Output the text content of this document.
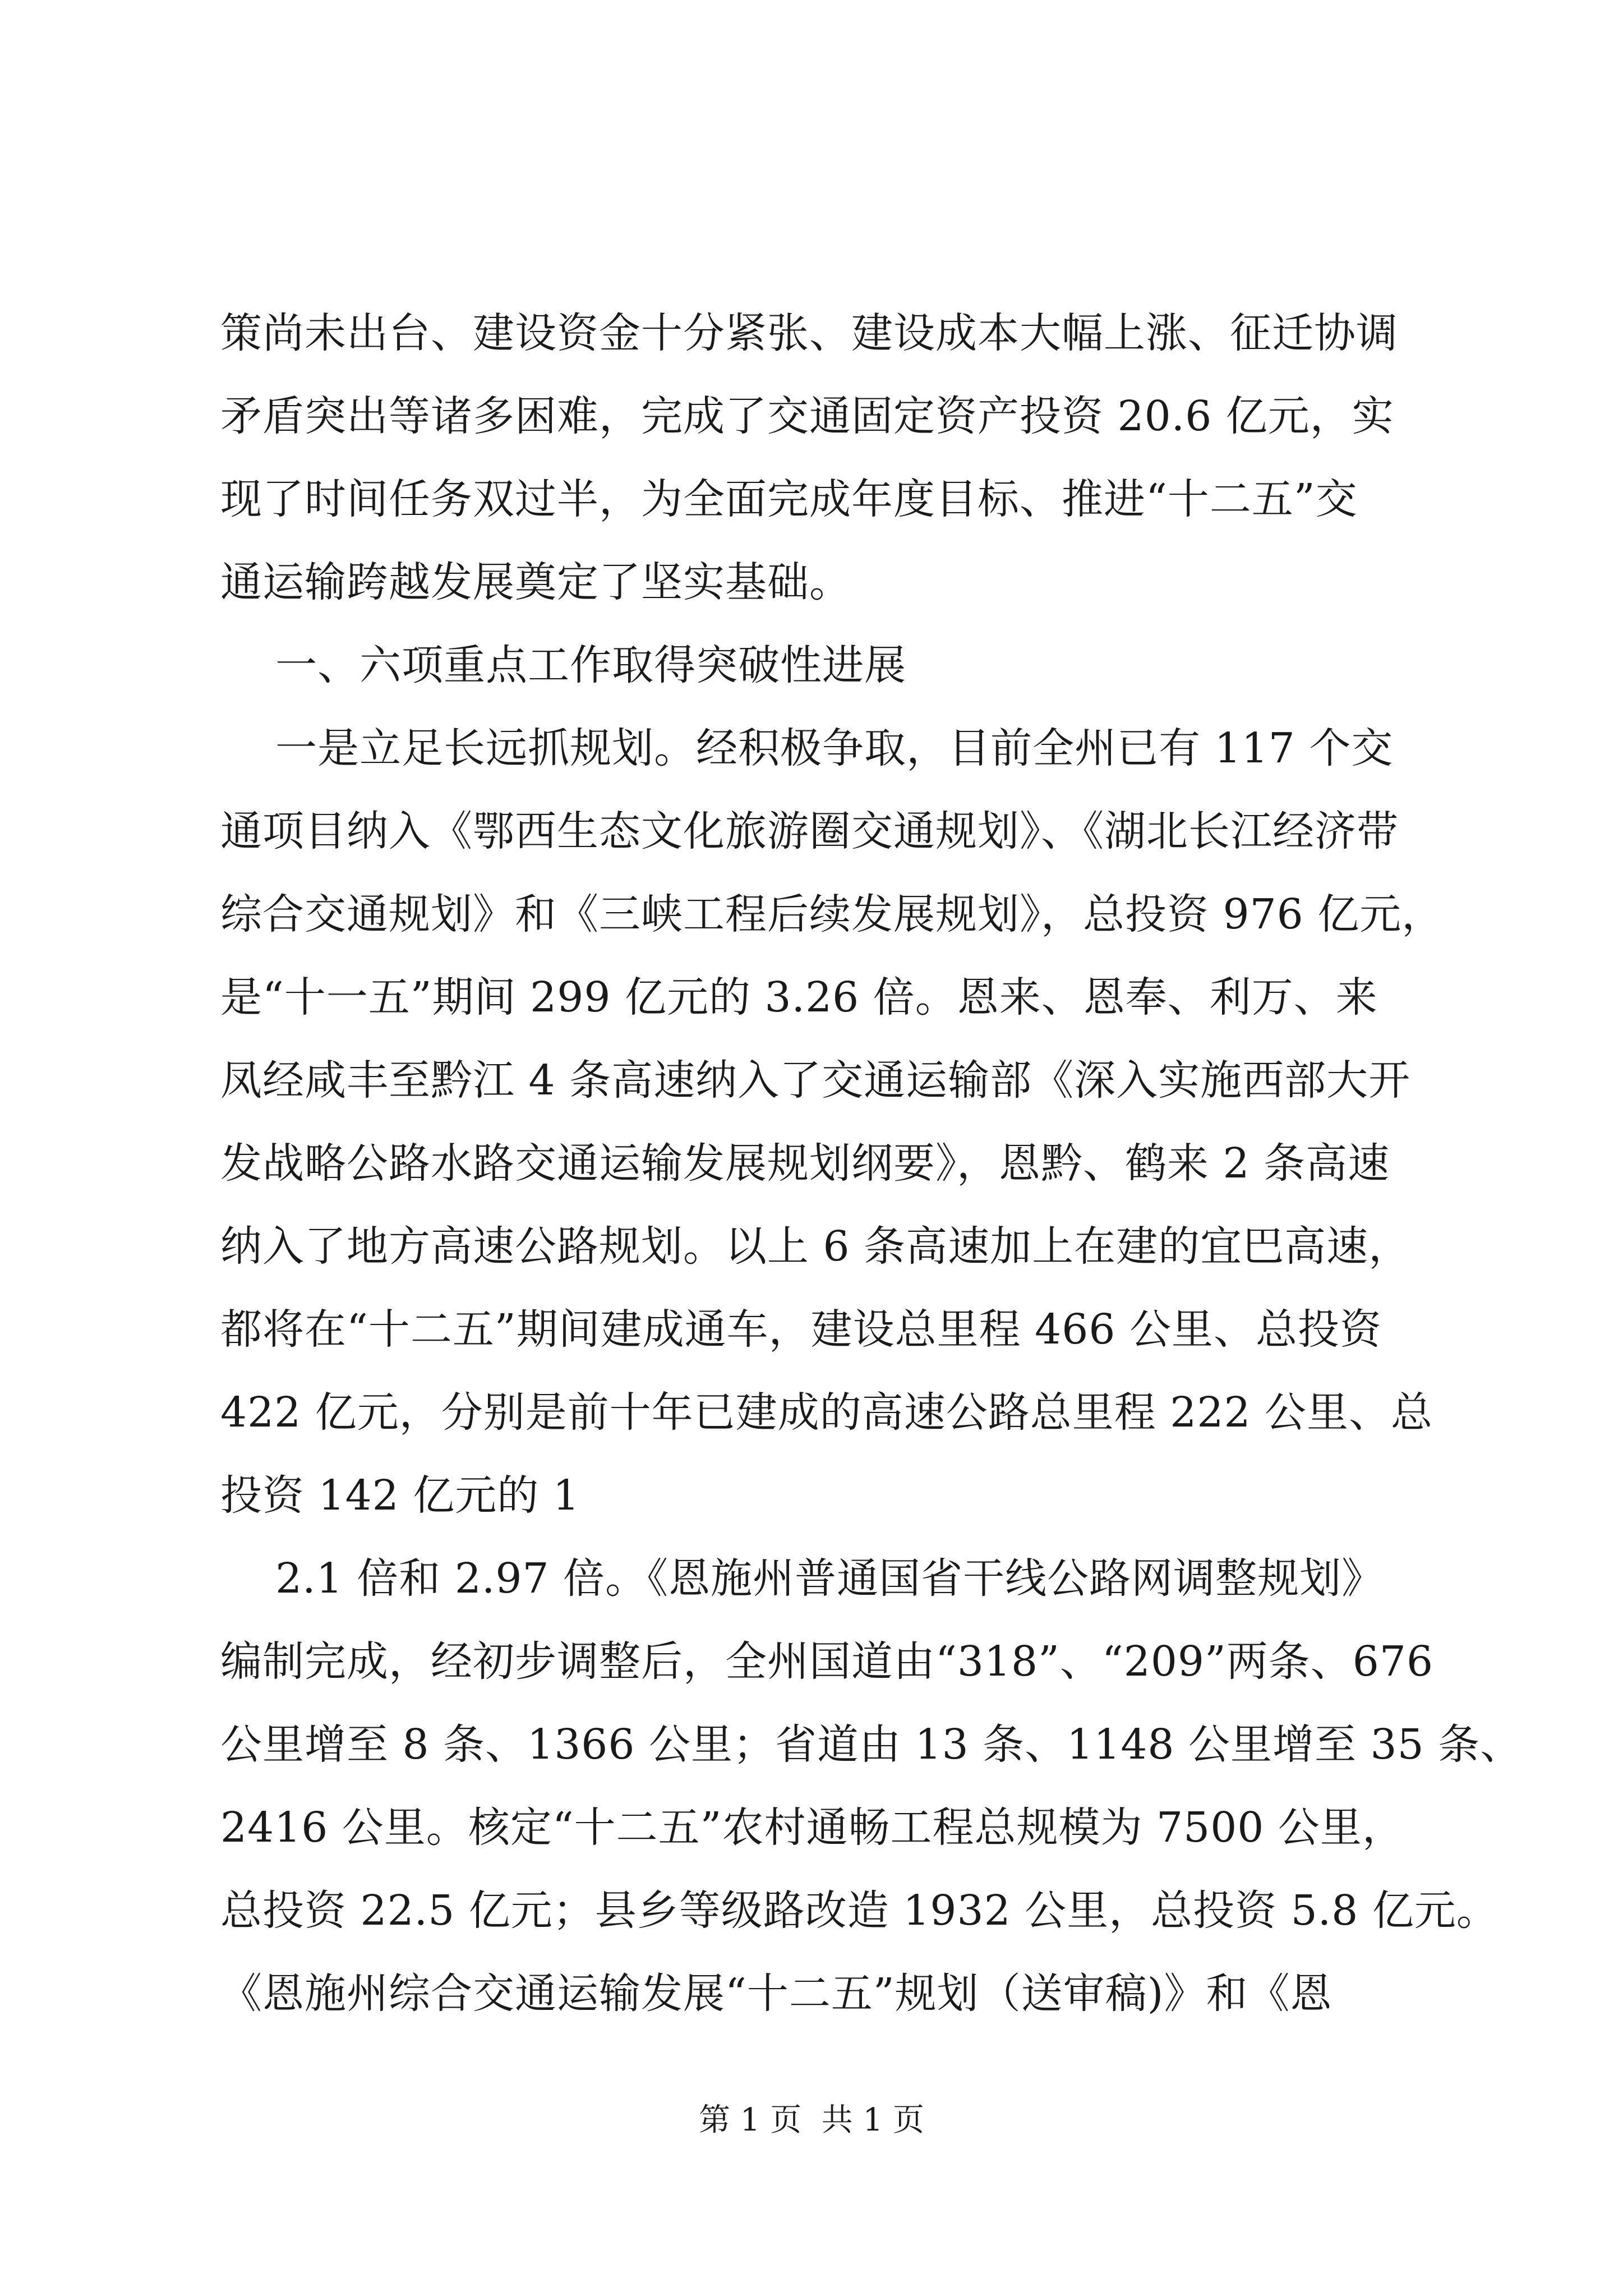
策尚未出台、建设资金十分紧张、建设成本大幅上涨、征迁协调
矛盾突出等诸多困难，完成了交通固定资产投资 20.6 亿元，实
现了时间任务双过半，为全面完成年度目标、推进“十二五”交
通运输跨越发展奠定了坚实基础。
一、六项重点工作取得突破性进展
一是立足长远抓规划。经积极争取，目前全州已有 117 个交
通项目纳入《鄂西生态文化旅游圈交通规划》、《湖北长江经济带
综合交通规划》和《三峡工程后续发展规划》，总投资 976 亿元，
是“十一五”期间 299 亿元的 3.26 倍。恩来、恩奉、利万、来
凤经咸丰至黔江 4 条高速纳入了交通运输部《深入实施西部大开
发战略公路水路交通运输发展规划纲要》，恩黔、鹤来 2 条高速
纳入了地方高速公路规划。以上 6 条高速加上在建的宜巴高速，
都将在“十二五”期间建成通车，建设总里程 466 公里、总投资
422 亿元，分别是前十年已建成的高速公路总里程 222 公里、总
投资 142 亿元的 1
2.1 倍和 2.97 倍。《恩施州普通国省干线公路网调整规划》
编制完成，经初步调整后，全州国道由“318”、“209”两条、676
公里增至 8 条、1366 公里；省道由 13 条、1148 公里增至 35 条、
2416 公里。核定“十二五”农村通畅工程总规模为 7500 公里，
总投资 22.5 亿元；县乡等级路改造 1932 公里，总投资 5.8 亿元。
《恩施州综合交通运输发展“十二五”规划（送审稿)》和《恩
第 1 页  共 1 页
